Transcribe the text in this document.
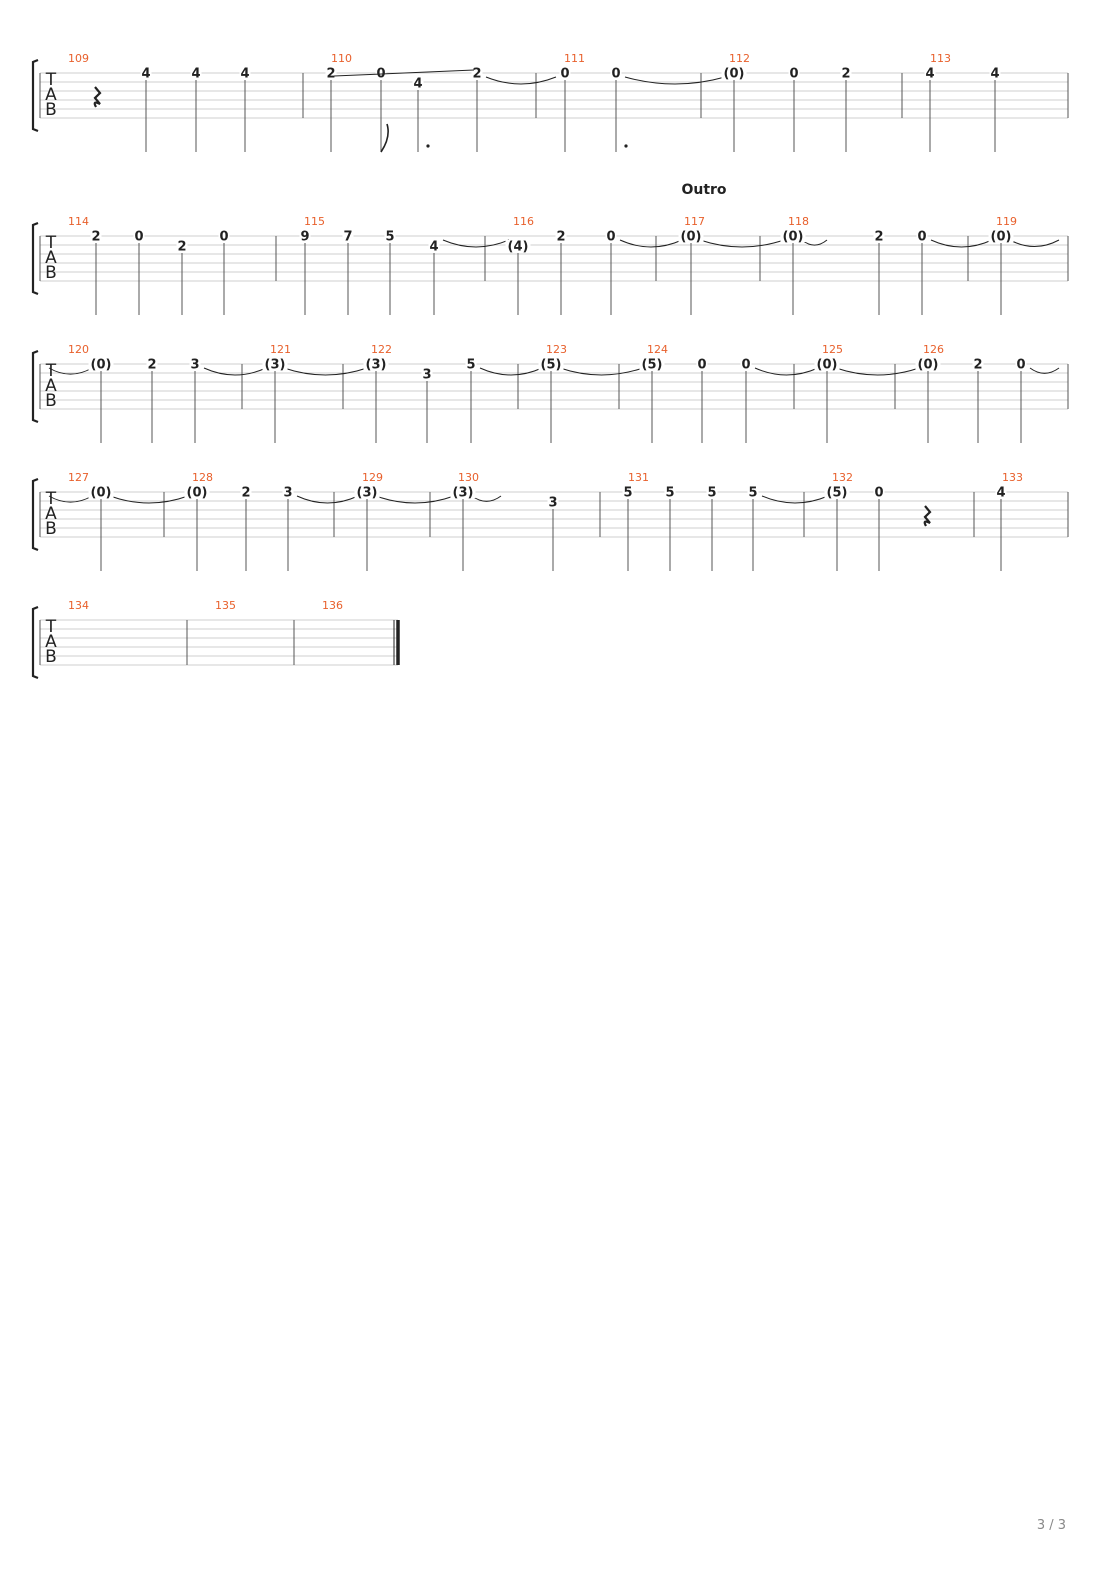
T
A
B
109
4	4	4
110
2
4
2
111
0	0
112
(0)	0	2
113
4	4
T
A
B
114
2	0
2
0
115
9	7	5
4
116
(4)
2	0
117
(0)
118
(0)	2	0
119
(0)
T
A
B
120
(0)	2	3
121
(3)
122
(3)
3
5
123
(5)
124
(5)	0	0
125
(0)
126
(0)	2	0
T
A
B
127
(0)
128
(0)	2	3
129
(3)
130
(3)
3
131
5	5	5 5
132
(5) 0
133
4
T
A
B
134	135	136
Outro
3 / 3
